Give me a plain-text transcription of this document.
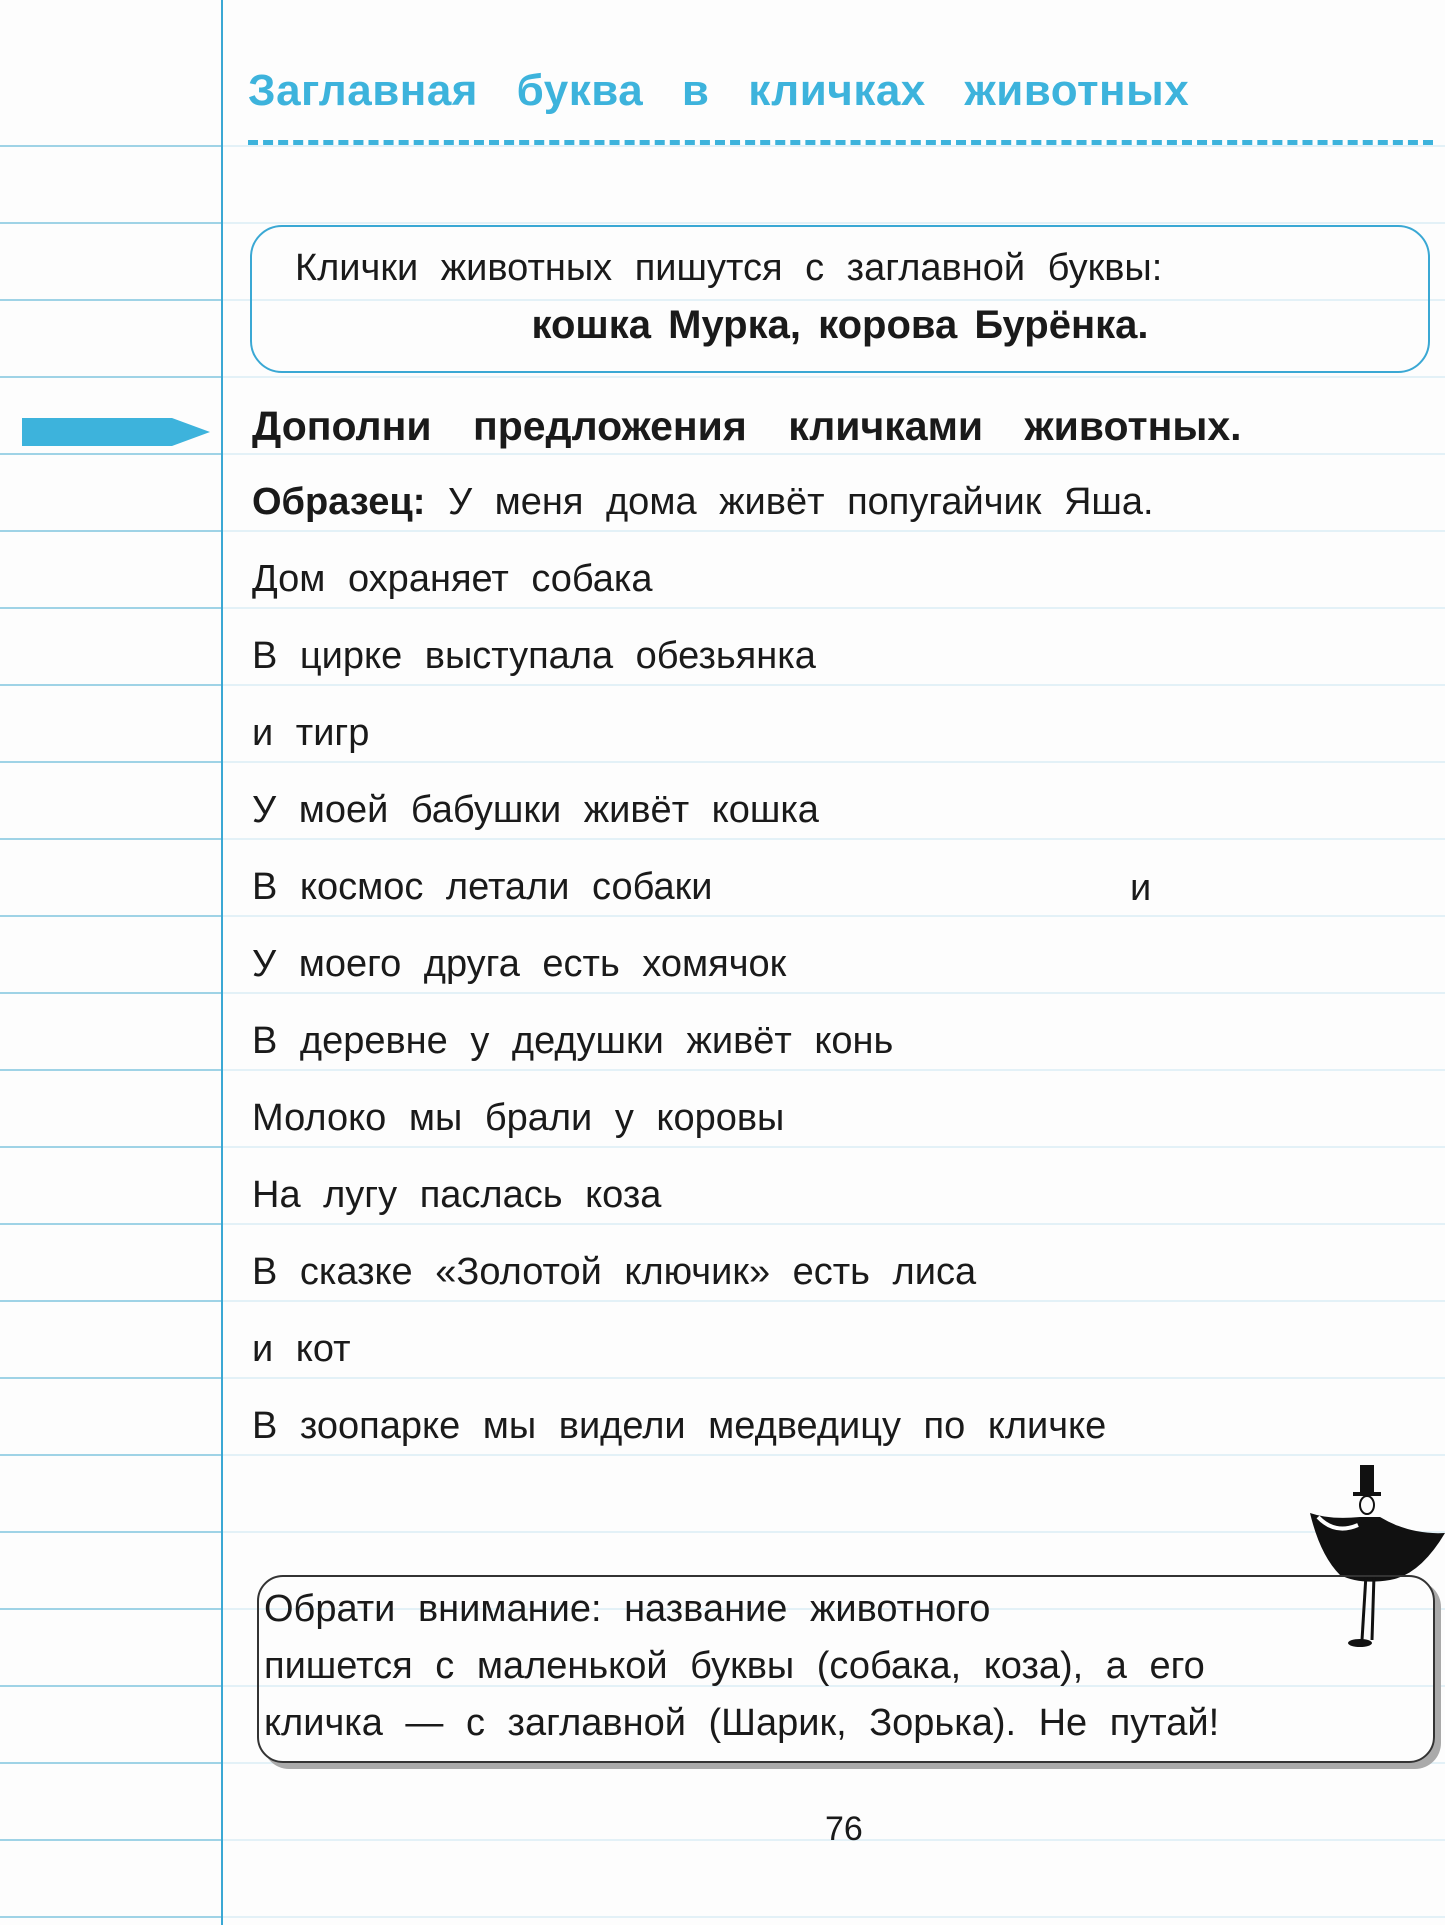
Заглавная буква в кличках животных
Клички животных пишутся с заглавной буквы:
кошка Мурка, корова Бурёнка.
Дополни предложения кличками животных.
Образец: У меня дома живёт попугайчик Яша.
Дом охраняет собака
В цирке выступала обезьянка
и тигр
У моей бабушки живёт кошка
В космос летали собаки
У моего друга есть хомячок
В деревне у дедушки живёт конь
Молоко мы брали у коровы
На лугу паслась коза
В сказке «Золотой ключик» есть лиса
и кот
В зоопарке мы видели медведицу по кличке
и
Обрати внимание: название животного
пишется с маленькой буквы (собака, коза), а его
кличка — с заглавной (Шарик, Зорька). Не путай!
76
